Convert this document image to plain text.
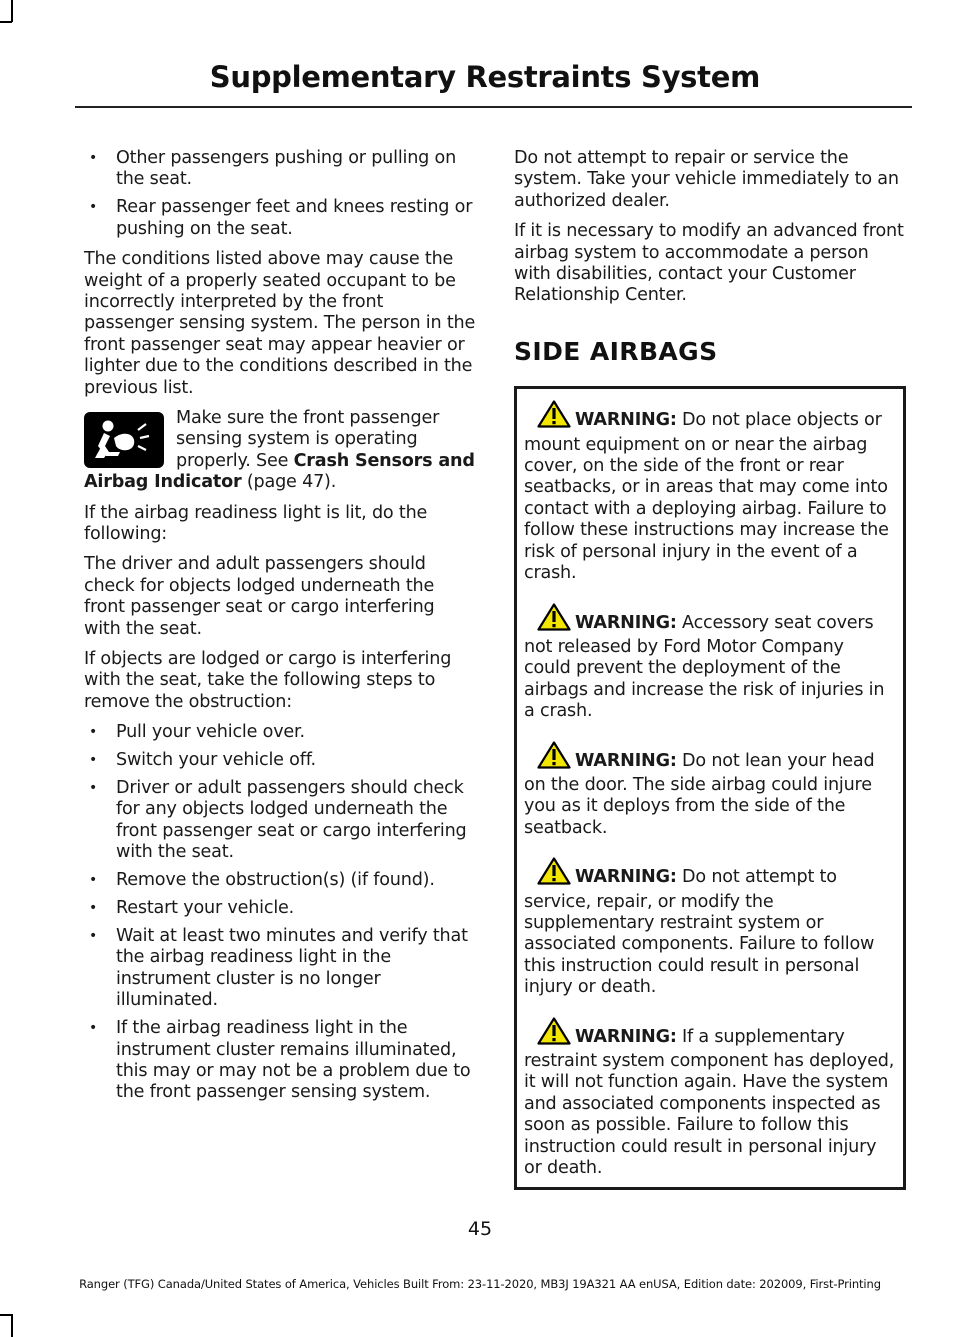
Supplementary Restraints System
• Other passengers pushing or pulling on the seat.
• Rear passenger feet and knees resting or pushing on the seat.

The conditions listed above may cause the weight of a properly seated occupant to be incorrectly interpreted by the front passenger sensing system. The person in the front passenger seat may appear heavier or lighter due to the conditions described in the previous list.

Make sure the front passenger sensing system is operating properly. See Crash Sensors and Airbag Indicator (page 47).

If the airbag readiness light is lit, do the following:

The driver and adult passengers should check for objects lodged underneath the front passenger seat or cargo interfering with the seat.

If objects are lodged or cargo is interfering with the seat, take the following steps to remove the obstruction:

• Pull your vehicle over.
• Switch your vehicle off.
• Driver or adult passengers should check for any objects lodged underneath the front passenger seat or cargo interfering with the seat.
• Remove the obstruction(s) (if found).
• Restart your vehicle.
• Wait at least two minutes and verify that the airbag readiness light in the instrument cluster is no longer illuminated.
• If the airbag readiness light in the instrument cluster remains illuminated, this may or may not be a problem due to the front passenger sensing system.

Do not attempt to repair or service the system. Take your vehicle immediately to an authorized dealer.

If it is necessary to modify an advanced front airbag system to accommodate a person with disabilities, contact your Customer Relationship Center.

SIDE AIRBAGS
WARNING: Do not place objects or mount equipment on or near the airbag cover, on the side of the front or rear seatbacks, or in areas that may come into contact with a deploying airbag. Failure to follow these instructions may increase the risk of personal injury in the event of a crash.
WARNING: Accessory seat covers not released by Ford Motor Company could prevent the deployment of the airbags and increase the risk of injuries in a crash.
WARNING: Do not lean your head on the door. The side airbag could injure you as it deploys from the side of the seatback.
WARNING: Do not attempt to service, repair, or modify the supplementary restraint system or associated components. Failure to follow this instruction could result in personal injury or death.
WARNING: If a supplementary restraint system component has deployed, it will not function again. Have the system and associated components inspected as soon as possible. Failure to follow this instruction could result in personal injury or death.
45
Ranger (TFG) Canada/United States of America, Vehicles Built From: 23-11-2020, MB3J 19A321 AA enUSA, Edition date: 202009, First-Printing
